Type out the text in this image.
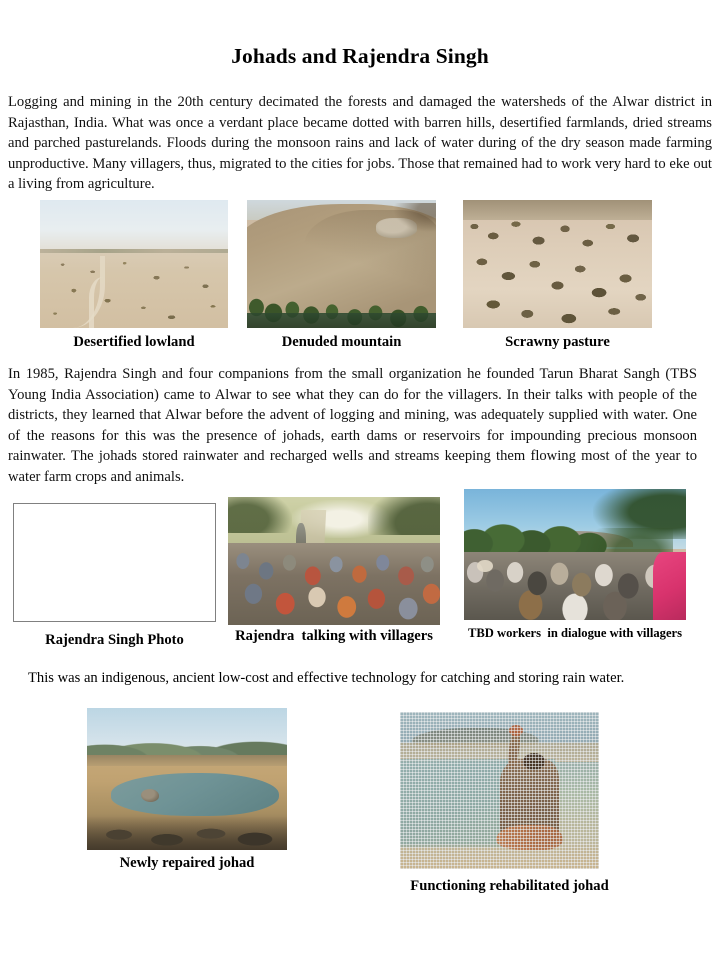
Johads and Rajendra Singh
Logging and mining in the 20th century decimated the forests and damaged the watersheds of the Alwar district in Rajasthan, India. What was once a verdant place became dotted with barren hills, desertified farmlands, dried streams and parched pasturelands. Floods during the monsoon rains and lack of water during of the dry season made farming unproductive. Many villagers, thus, migrated to the cities for jobs. Those that remained had to work very hard to eke out a living from agriculture.
Desertified lowland	Denuded mountain	Scrawny pasture
In 1985, Rajendra Singh and four companions from the small organization he founded Tarun Bharat Sangh (TBS Young India Association) came to Alwar to see what they can do for the villagers. In their talks with people of the districts, they learned that Alwar before the advent of logging and mining, was adequately supplied with water. One of the reasons for this was the presence of johads, earth dams or reservoirs for impounding precious monsoon rainwater. The johads stored rainwater and recharged wells and streams keeping them flowing most of the year to water farm crops and animals.
Rajendra Singh Photo	Rajendra  talking with villagers	TBD workers  in dialogue with villagers
This was an indigenous, ancient low-cost and effective technology for catching and storing rain water.
Newly repaired johad
Functioning rehabilitated johad
